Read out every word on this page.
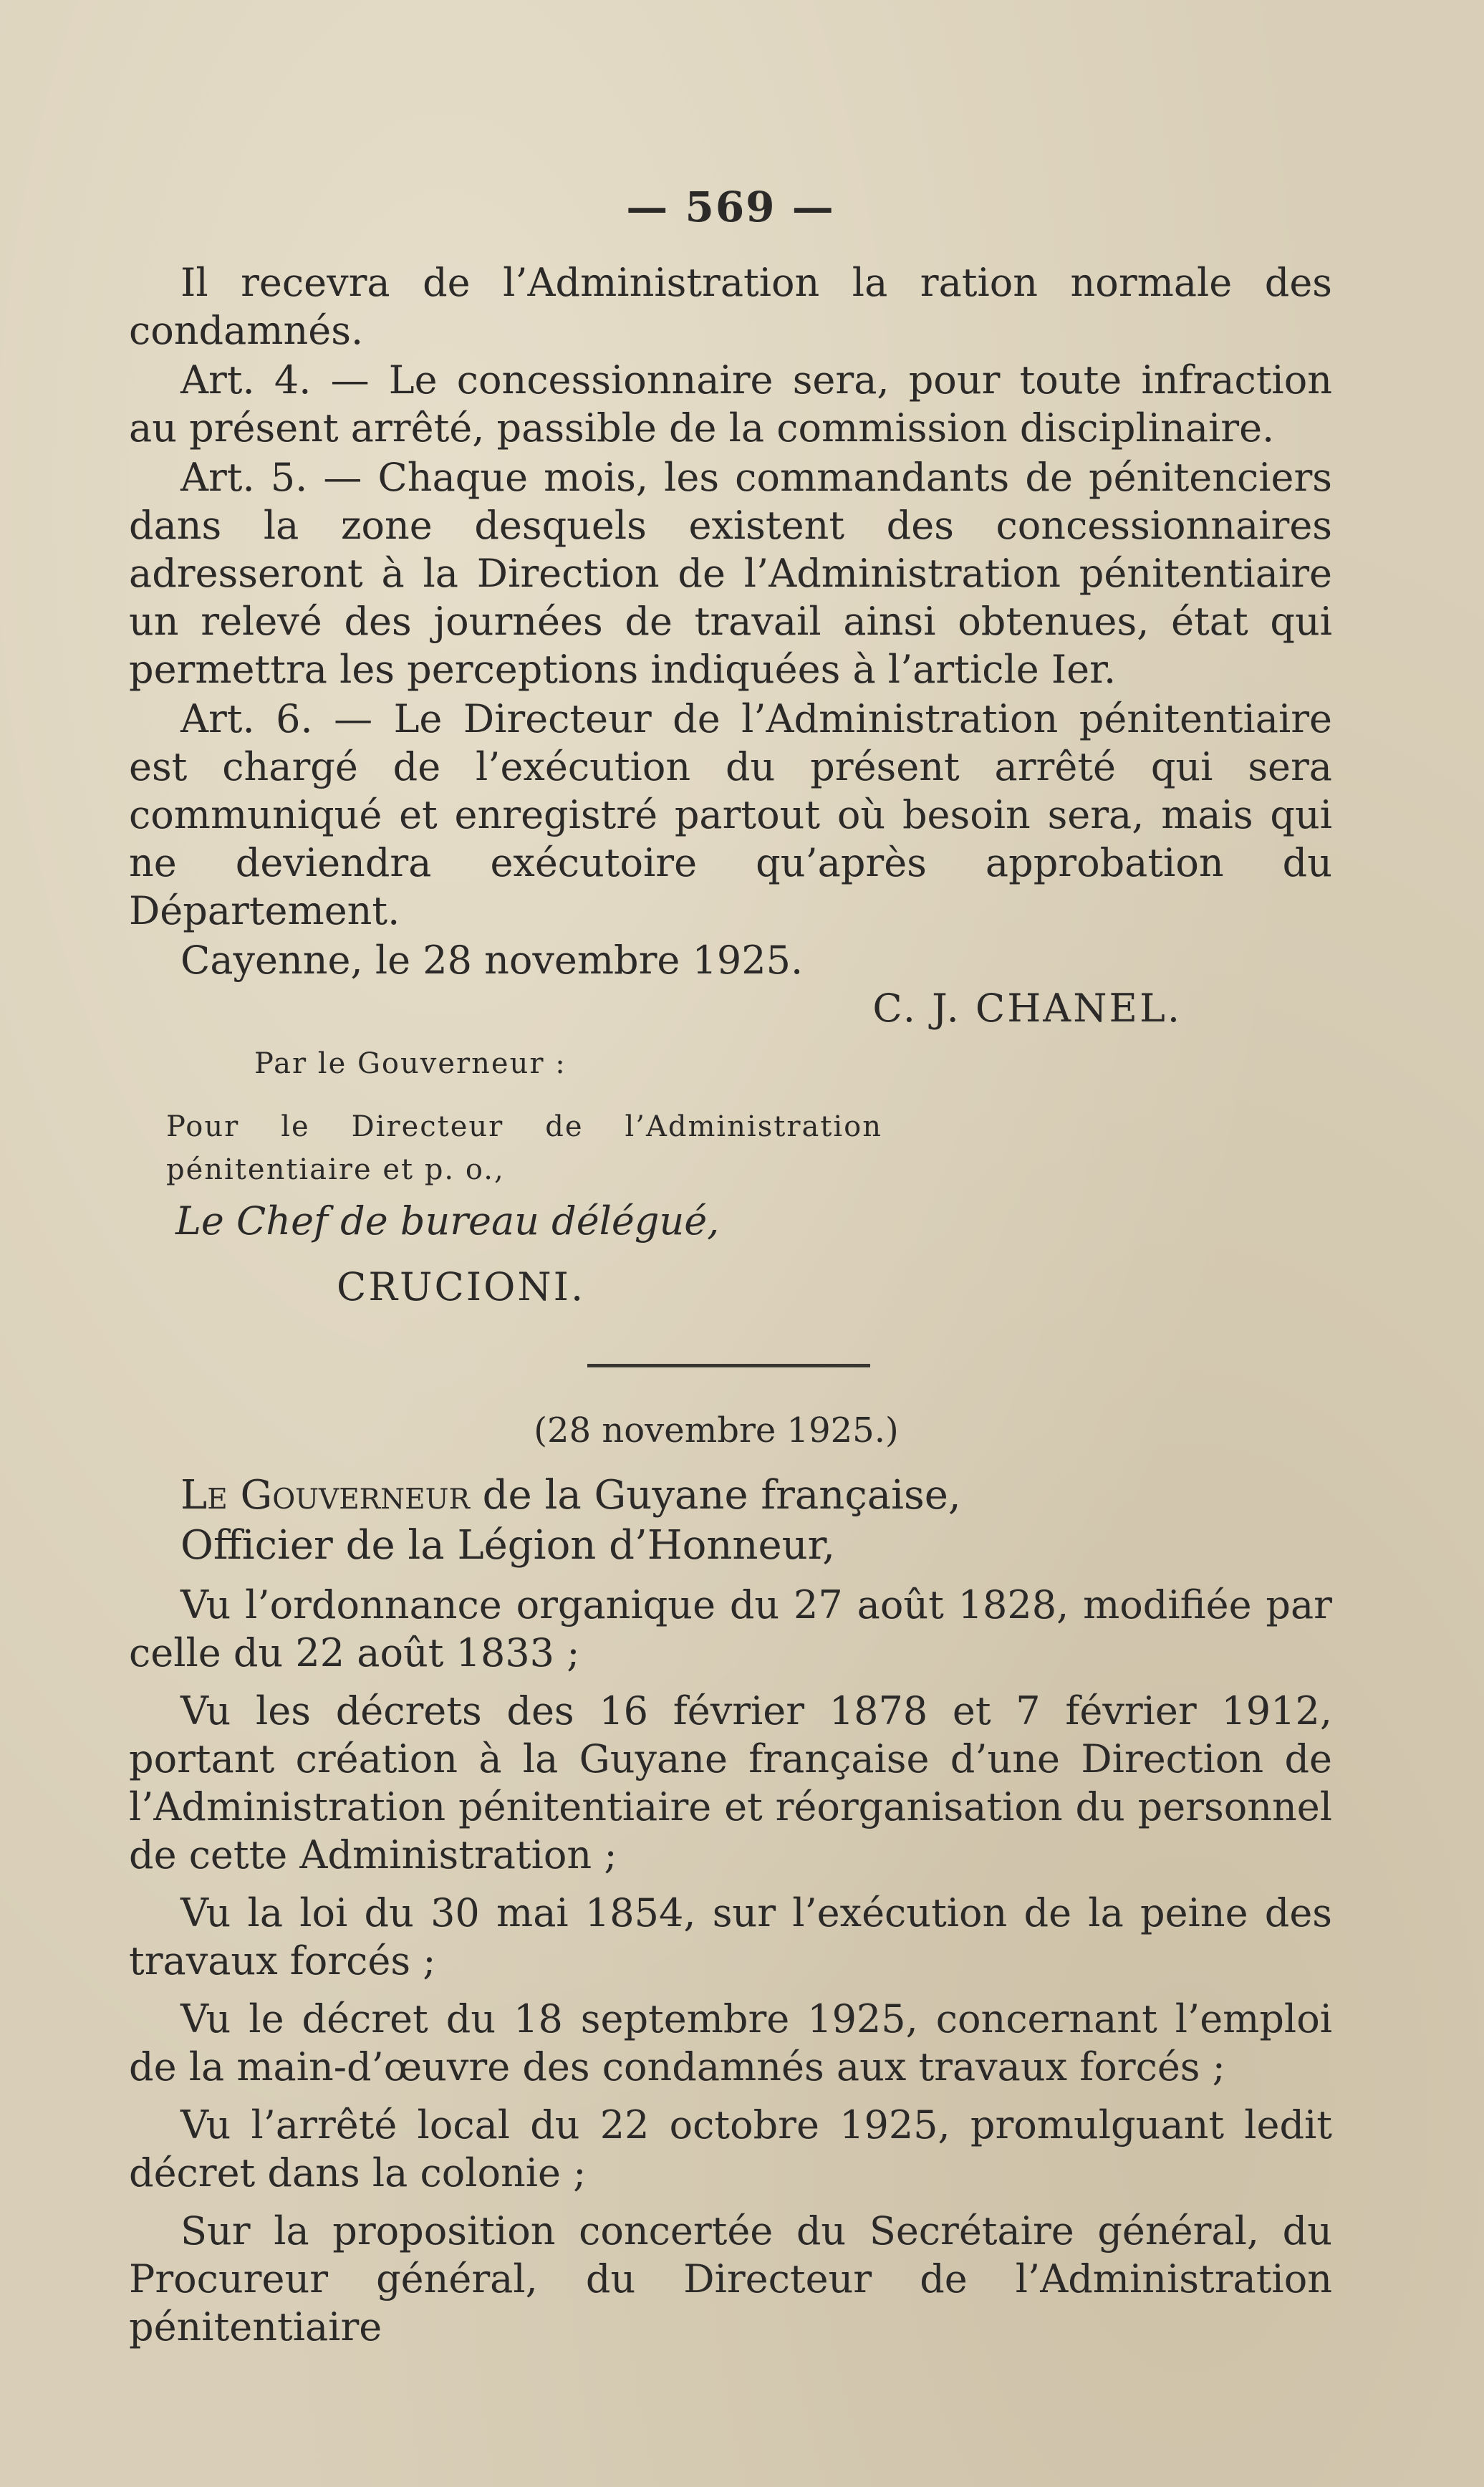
— 569 —

Il recevra de l’Administration la ration normale des condamnés.

Art. 4. — Le concessionnaire sera, pour toute infraction au présent arrêté, passible de la commission disciplinaire.

Art. 5. — Chaque mois, les commandants de pénitenciers dans la zone desquels existent des concessionnaires adresseront à la Direction de l’Administration pénitentiaire un relevé des journées de travail ainsi obtenues, état qui permettra les perceptions indiquées à l’article Ier.

Art. 6. — Le Directeur de l’Administration pénitentiaire est chargé de l’exécution du présent arrêté qui sera communiqué et enregistré partout où besoin sera, mais qui ne deviendra exécutoire qu’après approbation du Département.

Cayenne, le 28 novembre 1925.

C. J. CHANEL.
Par le Gouverneur :
Pour le Directeur de l’Administration pénitentiaire et p. o.,
Le Chef de bureau délégué,
CRUCIONI.
(28 novembre 1925.)

Le Gouverneur de la Guyane française,

Officier de la Légion d’Honneur,

Vu l’ordonnance organique du 27 août 1828, modifiée par celle du 22 août 1833 ;

Vu les décrets des 16 février 1878 et 7 février 1912, portant création à la Guyane française d’une Direction de l’Administration pénitentiaire et réorganisation du personnel de cette Administration ;

Vu la loi du 30 mai 1854, sur l’exécution de la peine des travaux forcés ;

Vu le décret du 18 septembre 1925, concernant l’emploi de la main-d’œuvre des condamnés aux travaux forcés ;

Vu l’arrêté local du 22 octobre 1925, promulguant ledit décret dans la colonie ;

Sur la proposition concertée du Secrétaire général, du Procureur général, du Directeur de l’Administration pénitentiaire
